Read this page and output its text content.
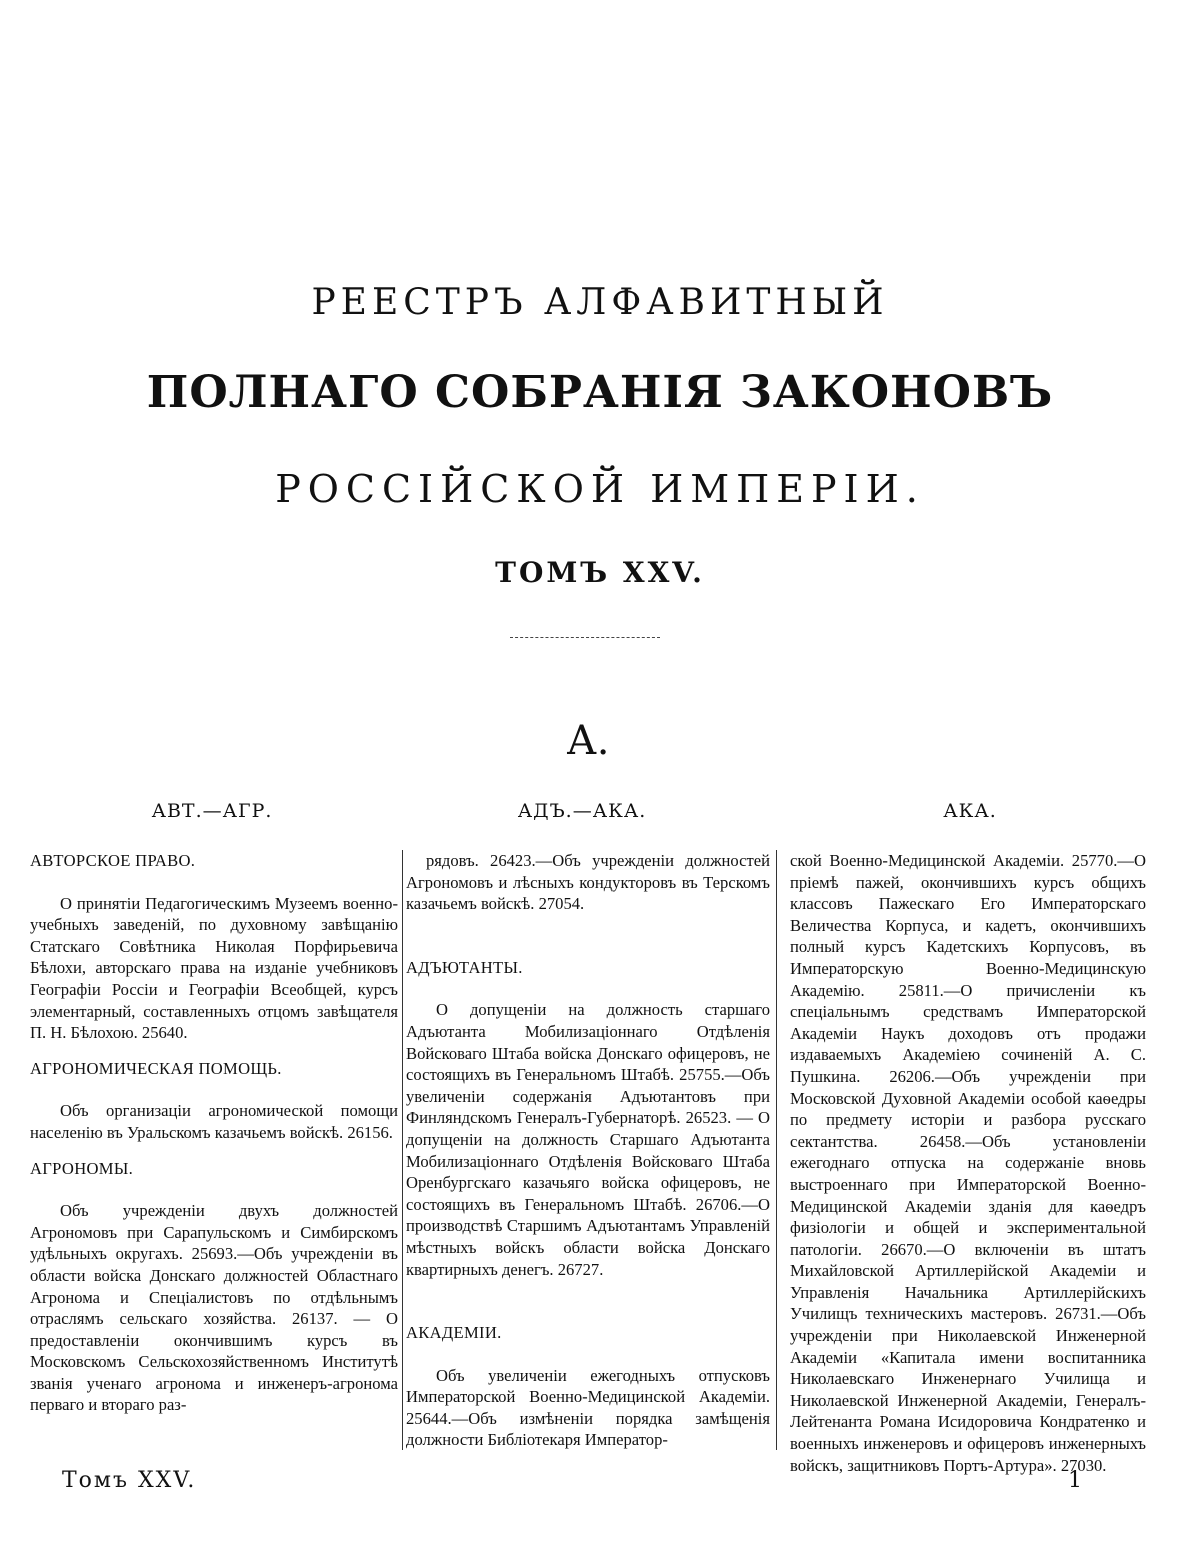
РЕЕСТРЪ АЛФАВИТНЫЙ
ПОЛНАГО СОБРАНІЯ ЗАКОНОВЪ
РОССІЙСКОЙ ИМПЕРІИ.
ТОМЪ XXV.
А.
АВТ.—АГР.	АДЪ.—АКА.	АКА.

АВТОРСКОЕ ПРАВО.

О принятіи Педагогическимъ Музеемъ военно-учебныхъ заведеній, по духовному завѣщанію Статскаго Совѣтника Николая Порфирьевича Бѣлохи, авторскаго права на изданіе учебниковъ Географіи Россіи и Географіи Всеобщей, курсъ элементарный, составленныхъ отцомъ завѣщателя П. Н. Бѣлохою. 25640.

АГРОНОМИЧЕСКАЯ ПОМОЩЬ.

Объ организаціи агрономической помощи населенію въ Уральскомъ казачьемъ войскѣ. 26156.

АГРОНОМЫ.

Объ учрежденіи двухъ должностей Агрономовъ при Сарапульскомъ и Симбирскомъ удѣльныхъ округахъ. 25693.—Объ учрежденіи въ области войска Донскаго должностей Областнаго Агронома и Спеціалистовъ по отдѣльнымъ отраслямъ сельскаго хозяйства. 26137. — О предоставленіи окончившимъ курсъ въ Московскомъ Сельскохозяйственномъ Институтѣ званія ученаго агронома и инженеръ-агронома перваго и втораго раз-

рядовъ. 26423.—Объ учрежденіи должностей Агрономовъ и лѣсныхъ кондукторовъ въ Терскомъ казачьемъ войскѣ. 27054.

АДЪЮТАНТЫ.

О допущеніи на должность старшаго Адъютанта Мобилизаціоннаго Отдѣленія Войсковаго Штаба войска Донскаго офицеровъ, не состоящихъ въ Генеральномъ Штабѣ. 25755.—Объ увеличеніи содержанія Адъютантовъ при Финляндскомъ Генералъ-Губернаторѣ. 26523. — О допущеніи на должность Старшаго Адъютанта Мобилизаціоннаго Отдѣленія Войсковаго Штаба Оренбургскаго казачьяго войска офицеровъ, не состоящихъ въ Генеральномъ Штабѣ. 26706.—О производствѣ Старшимъ Адъютантамъ Управленій мѣстныхъ войскъ области войска Донскаго квартирныхъ денегъ. 26727.

АКАДЕМІИ.

Объ увеличеніи ежегодныхъ отпусковъ Императорской Военно-Медицинской Академіи. 25644.—Объ измѣненіи порядка замѣщенія должности Библіотекаря Император-

ской Военно-Медицинской Академіи. 25770.—О пріемѣ пажей, окончившихъ курсъ общихъ классовъ Пажескаго Его Императорскаго Величества Корпуса, и кадетъ, окончившихъ полный курсъ Кадетскихъ Корпусовъ, въ Императорскую Военно-Медицинскую Академію. 25811.—О причисленіи къ спеціальнымъ средствамъ Императорской Академіи Наукъ доходовъ отъ продажи издаваемыхъ Академіею сочиненій А. С. Пушкина. 26206.—Объ учрежденіи при Московской Духовной Академіи особой каѳедры по предмету исторіи и разбора русскаго сектантства. 26458.—Объ установленіи ежегоднаго отпуска на содержаніе вновь выстроеннаго при Императорской Военно-Медицинской Академіи зданія для каѳедръ физіологіи и общей и экспериментальной патологіи. 26670.—О включеніи въ штатъ Михайловской Артиллерійской Академіи и Управленія Начальника Артиллерійскихъ Училищъ техническихъ мастеровъ. 26731.—Объ учрежденіи при Николаевской Инженерной Академіи «Капитала имени воспитанника Николаевскаго Инженернаго Училища и Николаевской Инженерной Академіи, Генералъ-Лейтенанта Романа Исидоровича Кондратенко и военныхъ инженеровъ и офицеровъ инженерныхъ войскъ, защитниковъ Портъ-Артура». 27030.

Томъ XXV.	1
